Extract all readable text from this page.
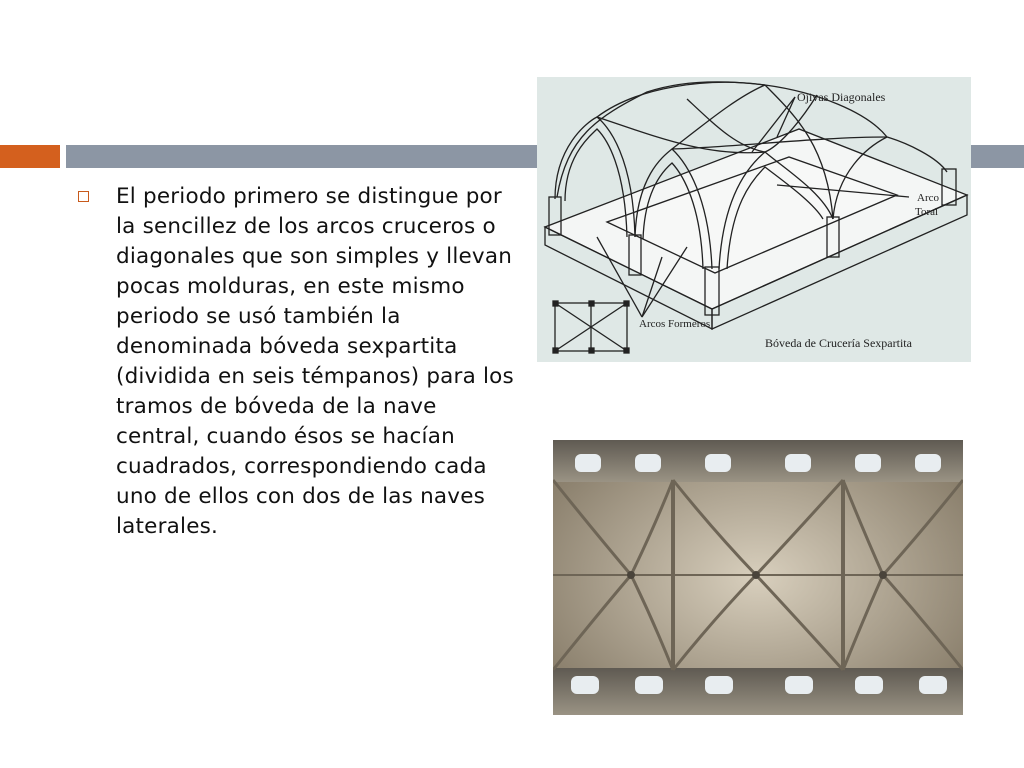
El periodo primero se distingue por la sencillez de los arcos cruceros o diagonales que son simples y llevan pocas molduras, en este mismo periodo se usó también la denominada bóveda sexpartita (dividida en seis témpanos) para los tramos de bóveda de la nave central, cuando ésos se hacían cuadrados, correspondiendo cada uno de ellos con dos de las naves laterales.

Ojivas Diagonales
Arco
Toral
Arcos Formeros
Bóveda de Crucería Sexpartita
